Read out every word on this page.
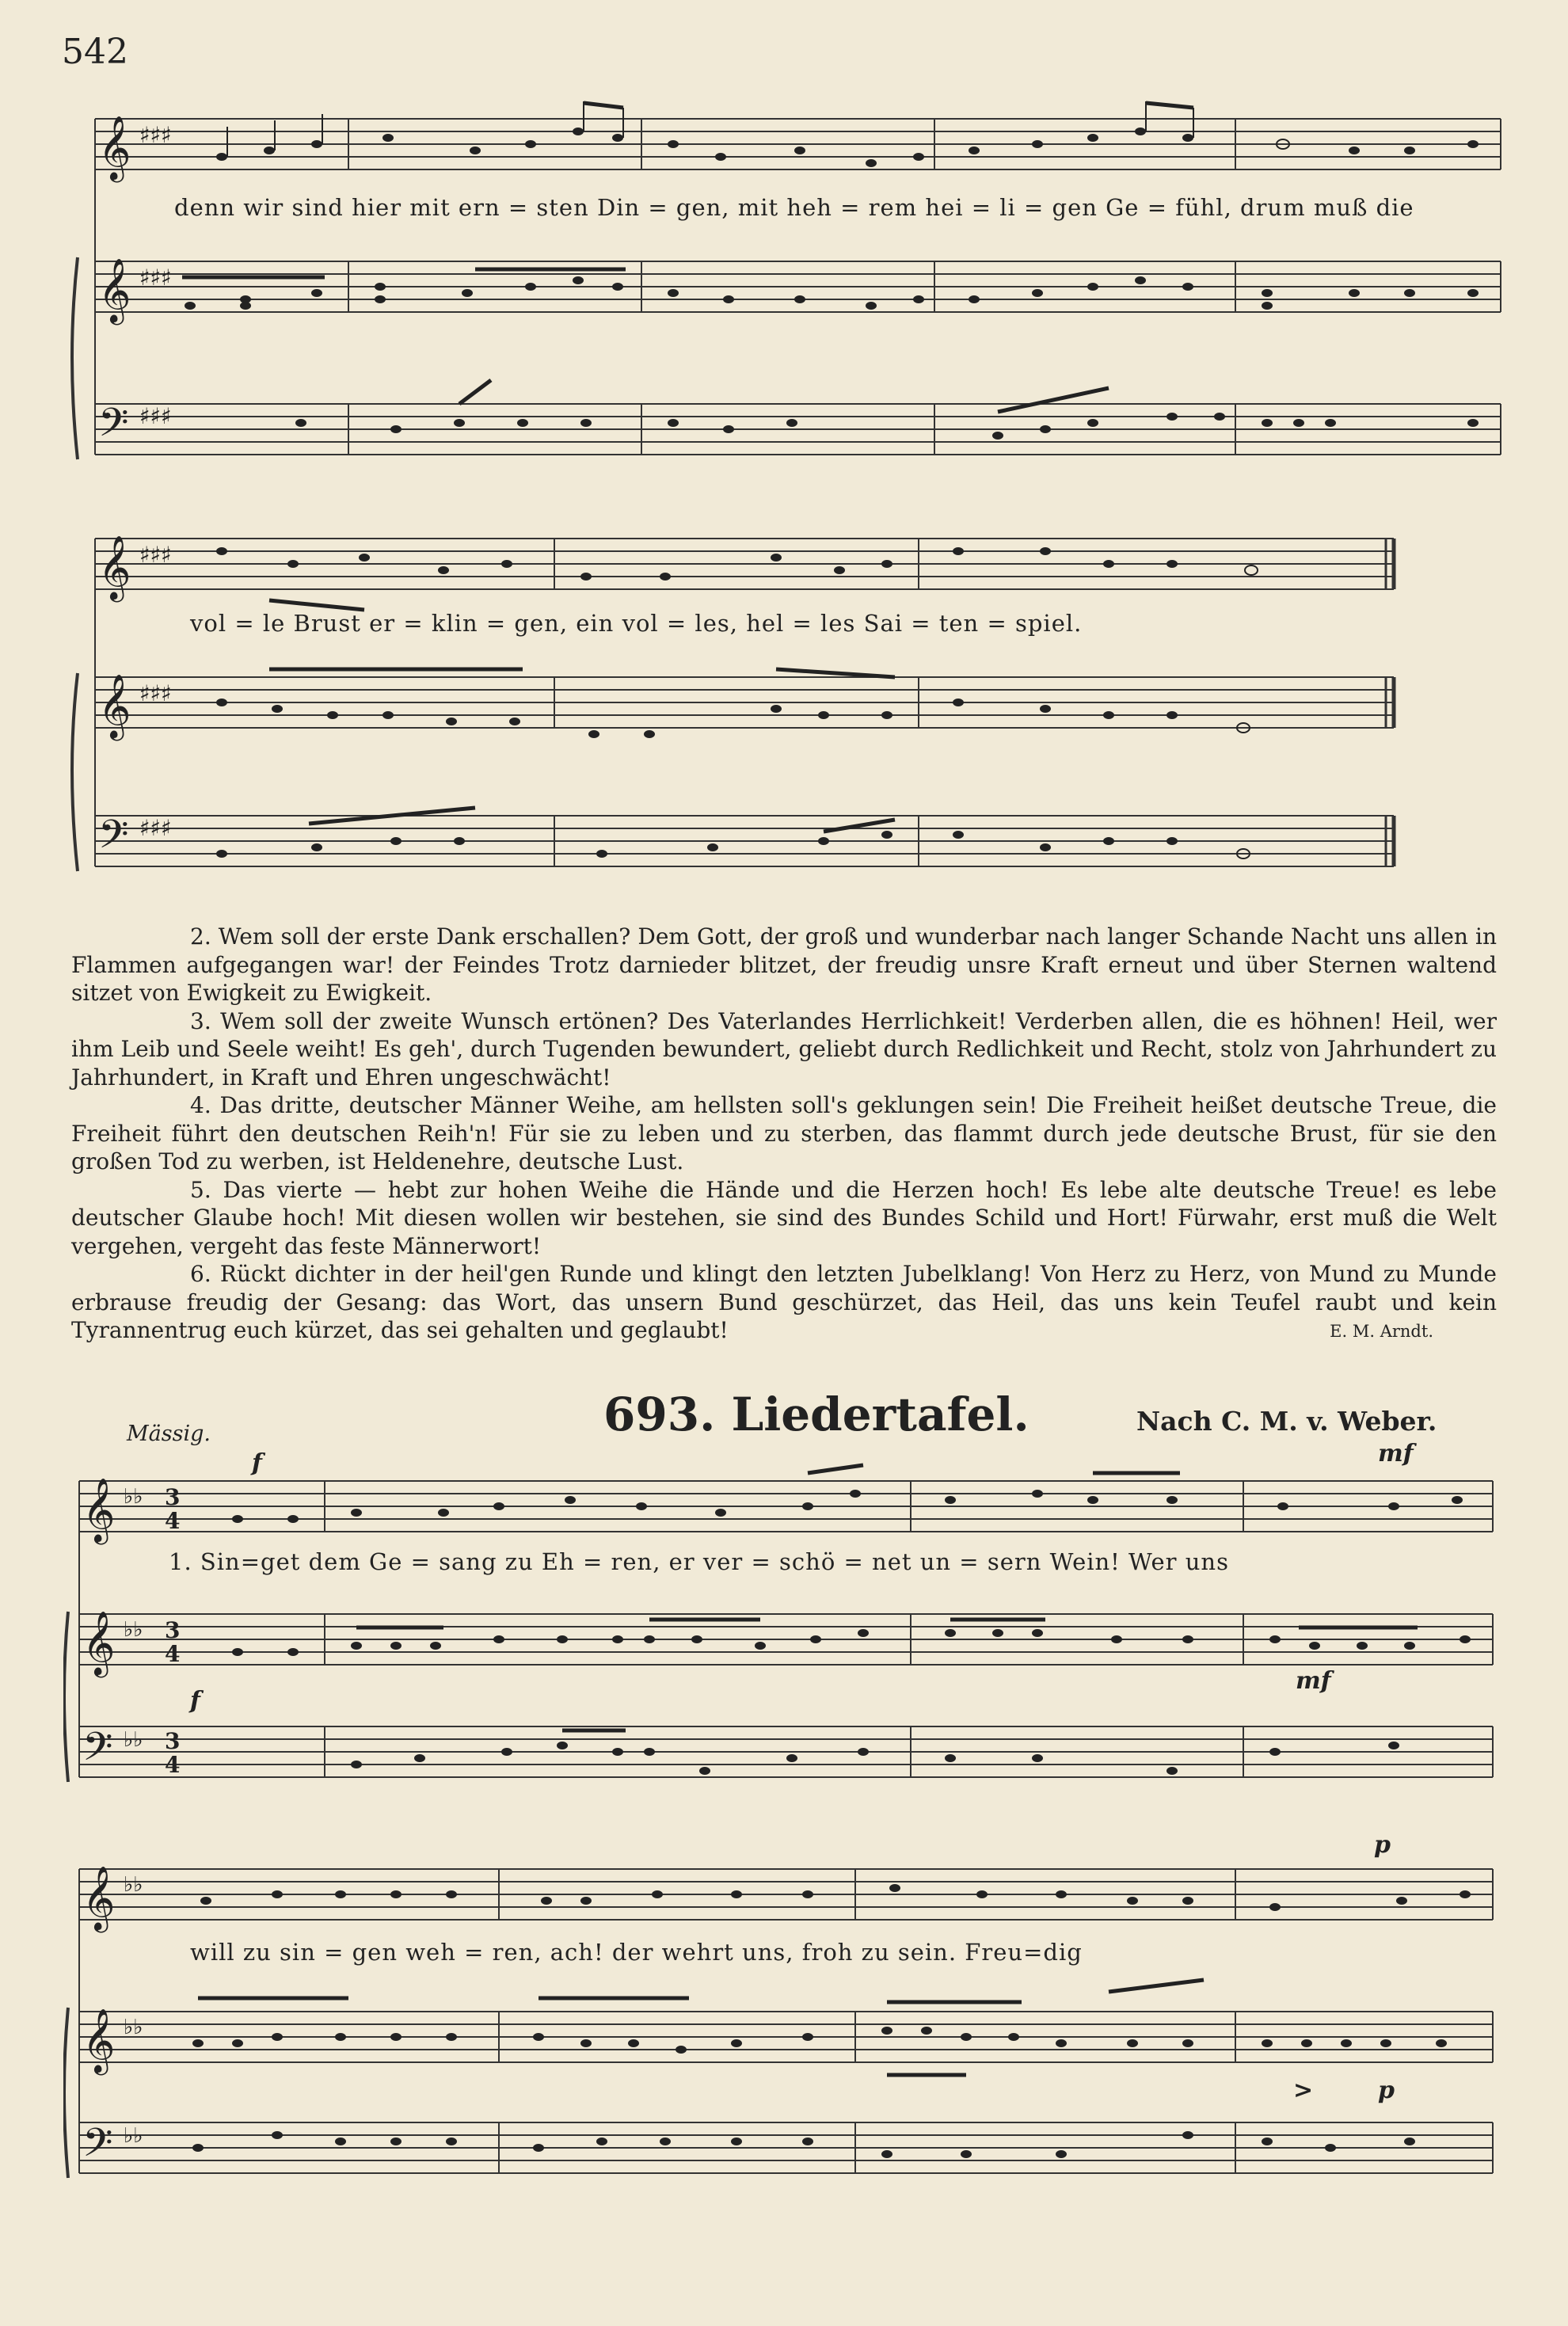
542
𝄞
𝄞
𝄢
♯♯♯
♯♯♯
♯♯♯
denn wir sind hier mit ern = sten Din = gen, mit heh = rem hei = li = gen Ge = fühl, drum muß die
𝄞
𝄞
𝄢
♯♯♯
♯♯♯
♯♯♯
vol = le Brust er = klin = gen, ein vol = les, hel = les Sai = ten = spiel.

2. Wem soll der erste Dank erschallen? Dem Gott, der groß und wunderbar nach langer Schande Nacht uns allen in Flammen aufgegangen war! der Feindes Trotz darnieder blitzet, der freudig unsre Kraft erneut und über Sternen waltend sitzet von Ewigkeit zu Ewigkeit.

3. Wem soll der zweite Wunsch ertönen? Des Vaterlandes Herrlichkeit! Verderben allen, die es höhnen! Heil, wer ihm Leib und Seele weiht! Es geh', durch Tugenden bewundert, geliebt durch Redlichkeit und Recht, stolz von Jahrhundert zu Jahrhundert, in Kraft und Ehren ungeschwächt!

4. Das dritte, deutscher Männer Weihe, am hellsten soll's geklungen sein! Die Freiheit heißet deutsche Treue, die Freiheit führt den deutschen Reih'n! Für sie zu leben und zu sterben, das flammt durch jede deutsche Brust, für sie den großen Tod zu werben, ist Heldenehre, deutsche Lust.

5. Das vierte — hebt zur hohen Weihe die Hände und die Herzen hoch! Es lebe alte deutsche Treue! es lebe deutscher Glaube hoch! Mit diesen wollen wir bestehen, sie sind des Bundes Schild und Hort! Fürwahr, erst muß die Welt vergehen, vergeht das feste Männerwort!

6. Rückt dichter in der heil'gen Runde und klingt den letzten Jubelklang! Von Herz zu Herz, von Mund zu Munde erbrause freudig der Gesang: das Wort, das unsern Bund geschürzet, das Heil, das uns kein Teufel raubt und kein Tyrannentrug euch kürzet, das sei gehalten und geglaubt!	E. M. Arndt.
Mässig.	693. Liedertafel.	Nach C. M. v. Weber.
𝄞
𝄞
𝄢
♭♭
♭♭
♭♭
3
4
3
4
3
4
f	mf
f
mf
1. Sin=get dem Ge = sang zu Eh = ren, er ver = schö = net un = sern Wein! Wer uns
𝄞
𝄞
𝄢
♭♭
♭♭
♭♭
p
>	p
will zu sin = gen weh = ren, ach! der wehrt uns, froh zu sein. Freu=dig
